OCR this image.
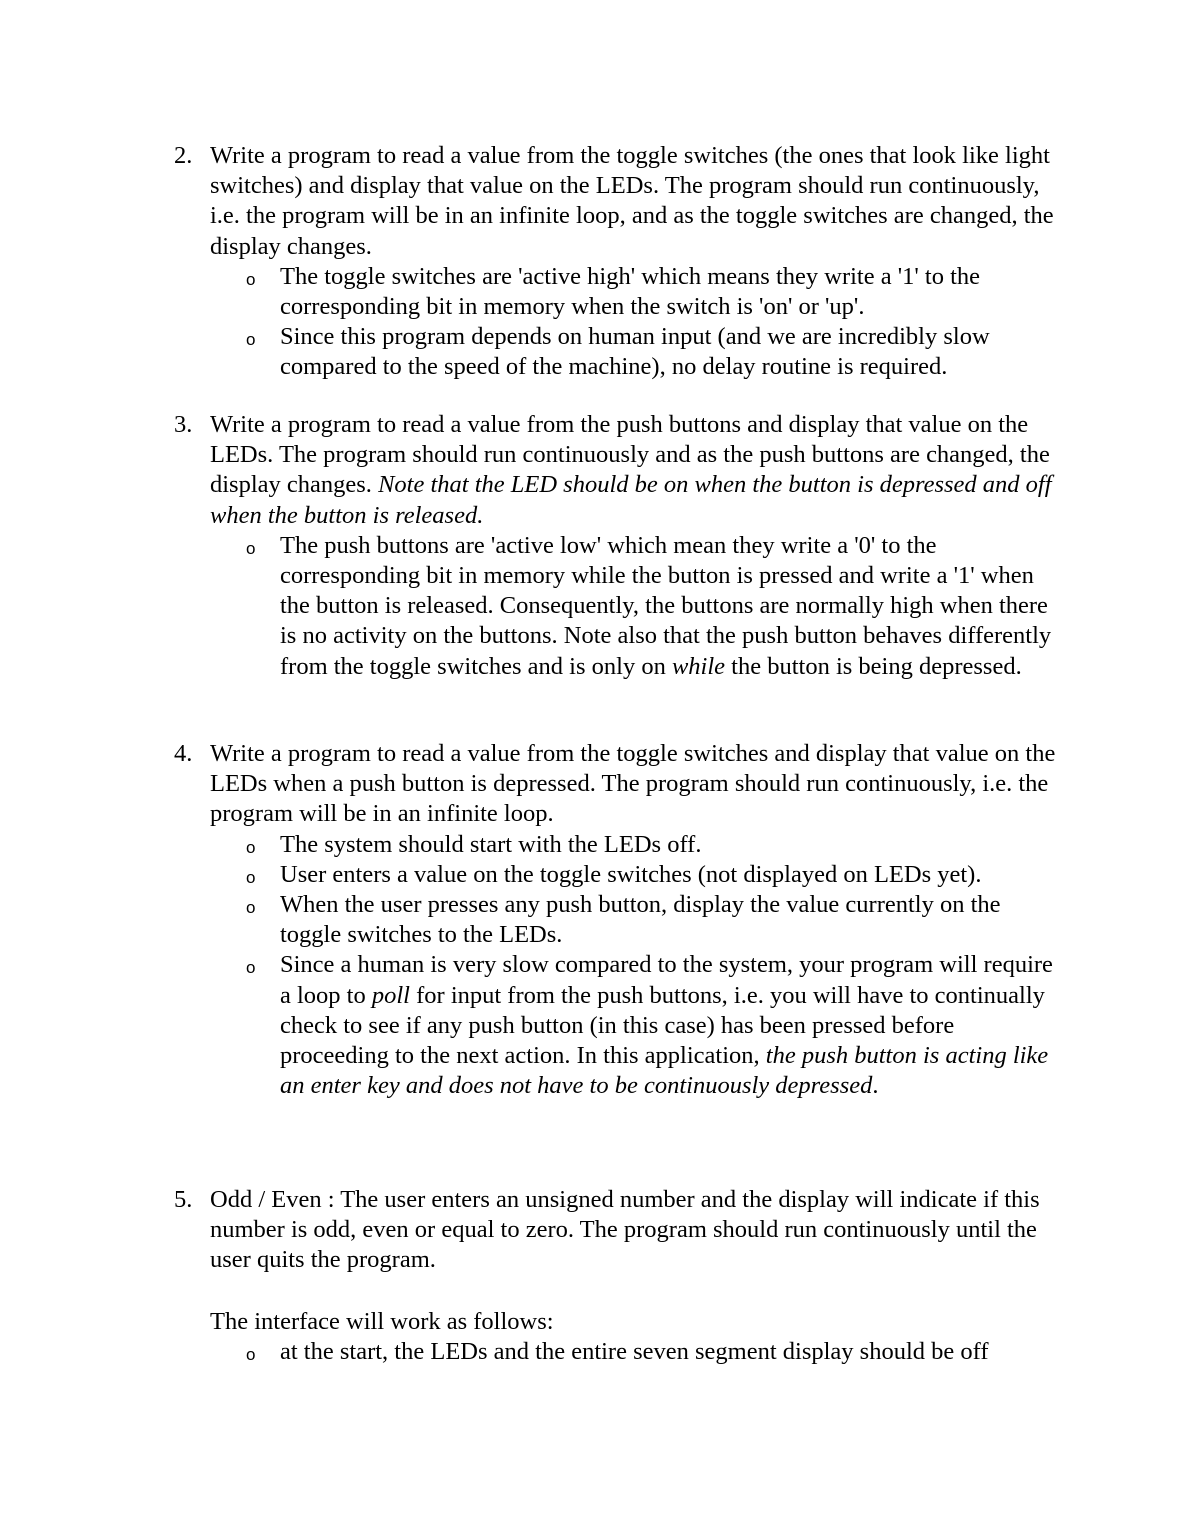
2. Write a program to read a value from the toggle switches (the ones that look like light switches) and display that value on the LEDs. The program should run continuously, i.e. the program will be in an infinite loop, and as the toggle switches are changed, the display changes.

o The toggle switches are 'active high' which means they write a '1' to the corresponding bit in memory when the switch is 'on' or 'up'.
o Since this program depends on human input (and we are incredibly slow compared to the speed of the machine), no delay routine is required.
3. Write a program to read a value from the push buttons and display that value on the LEDs. The program should run continuously and as the push buttons are changed, the display changes. Note that the LED should be on when the button is depressed and off when the button is released.

o The push buttons are 'active low' which mean they write a '0' to the corresponding bit in memory while the button is pressed and write a '1' when the button is released. Consequently, the buttons are normally high when there is no activity on the buttons. Note also that the push button behaves differently from the toggle switches and is only on while the button is being depressed.
4. Write a program to read a value from the toggle switches and display that value on the LEDs when a push button is depressed. The program should run continuously, i.e. the program will be in an infinite loop.

o The system should start with the LEDs off.
o User enters a value on the toggle switches (not displayed on LEDs yet).
o When the user presses any push button, display the value currently on the toggle switches to the LEDs.
o Since a human is very slow compared to the system, your program will require a loop to poll for input from the push buttons, i.e. you will have to continually check to see if any push button (in this case) has been pressed before proceeding to the next action. In this application, the push button is acting like an enter key and does not have to be continuously depressed.
5. Odd / Even : The user enters an unsigned number and the display will indicate if this number is odd, even or equal to zero. The program should run continuously until the user quits the program.

The interface will work as follows:

o at the start, the LEDs and the entire seven segment display should be off
